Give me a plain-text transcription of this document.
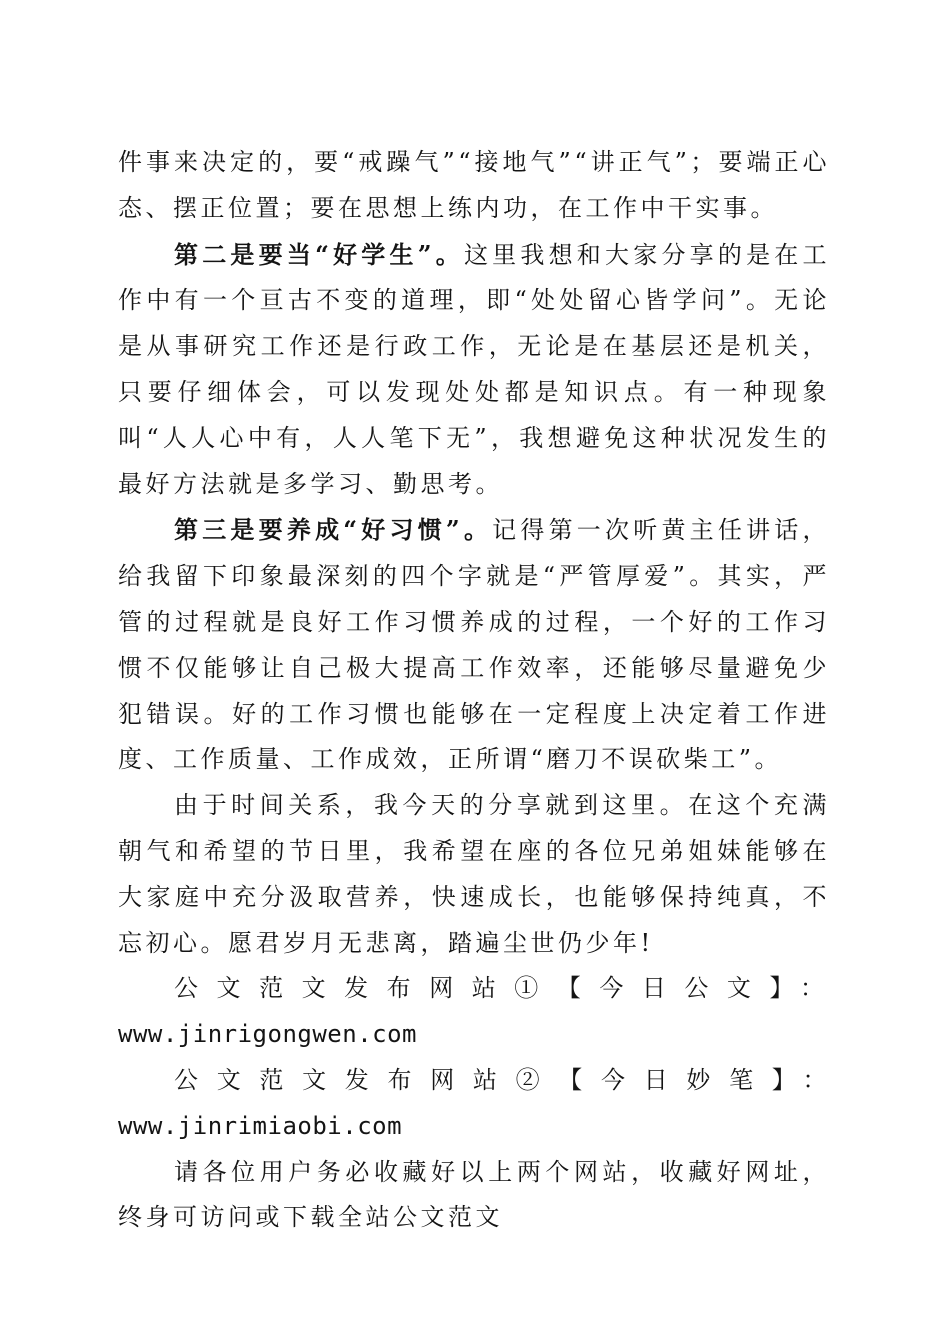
件事来决定的，要“戒躁气”“接地气”“讲正气”；要端正心态、摆正位置；要在思想上练内功，在工作中干实事。

第二是要当“好学生”。这里我想和大家分享的是在工作中有一个亘古不变的道理，即“处处留心皆学问”。无论是从事研究工作还是行政工作，无论是在基层还是机关，只要仔细体会，可以发现处处都是知识点。有一种现象叫“人人心中有，人人笔下无”，我想避免这种状况发生的最好方法就是多学习、勤思考。

第三是要养成“好习惯”。记得第一次听黄主任讲话，给我留下印象最深刻的四个字就是“严管厚爱”。其实，严管的过程就是良好工作习惯养成的过程，一个好的工作习惯不仅能够让自己极大提高工作效率，还能够尽量避免少犯错误。好的工作习惯也能够在一定程度上决定着工作进度、工作质量、工作成效，正所谓“磨刀不误砍柴工”。

由于时间关系，我今天的分享就到这里。在这个充满朝气和希望的节日里，我希望在座的各位兄弟姐妹能够在大家庭中充分汲取营养，快速成长，也能够保持纯真，不忘初心。愿君岁月无悲离，踏遍尘世仍少年!

公文范文发布网站①【今日公文】：

www.jinrigongwen.com

公文范文发布网站②【今日妙笔】：www.jinrimiaobi.com

请各位用户务必收藏好以上两个网站，收藏好网址，终身可访问或下载全站公文范文
